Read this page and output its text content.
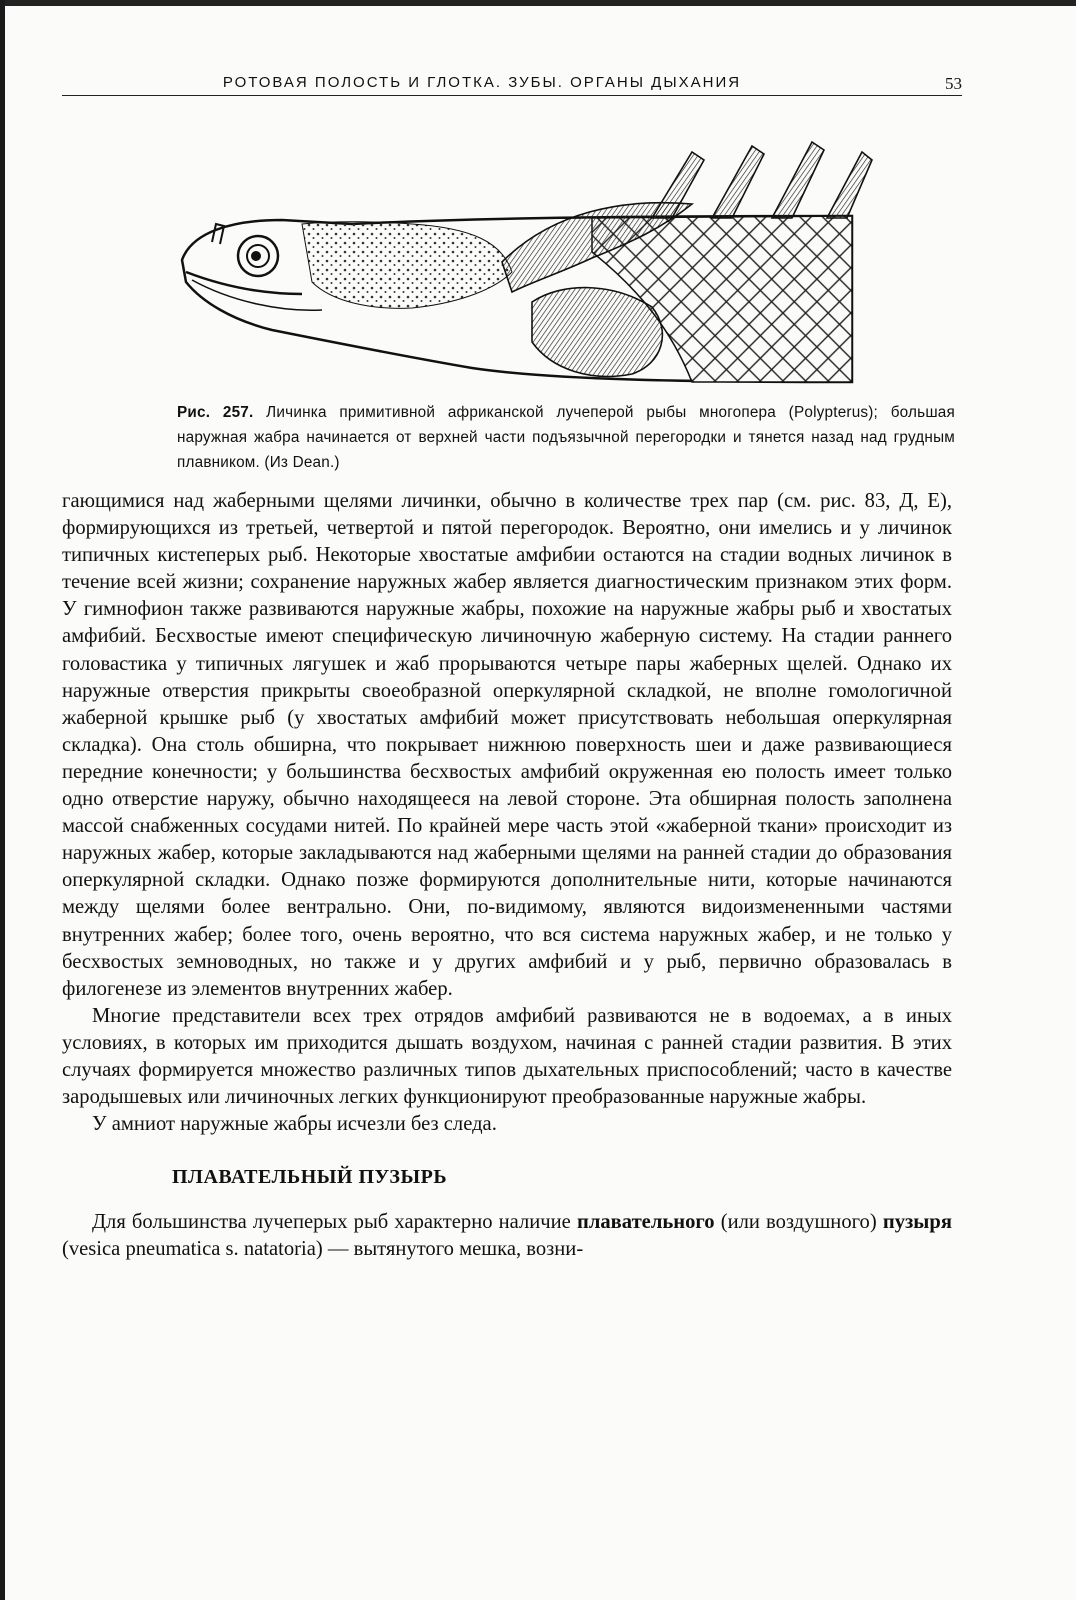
РОТОВАЯ ПОЛОСТЬ И ГЛОТКА. ЗУБЫ. ОРГАНЫ ДЫХАНИЯ	53
Рис. 257. Личинка примитивной африканской лучеперой рыбы многопера (Polypterus); большая наружная жабра начинается от верхней части подъязычной перегородки и тянется назад над грудным плавником. (Из Dean.)

гающимися над жаберными щелями личинки, обычно в количестве трех пар (см. рис. 83, Д, Е), формирующихся из третьей, четвертой и пятой перегородок. Вероятно, они имелись и у личинок типичных кистеперых рыб. Некоторые хвостатые амфибии остаются на стадии водных личинок в течение всей жизни; сохранение наружных жабер является диагностическим признаком этих форм. У гимнофион также развиваются наружные жабры, похожие на наружные жабры рыб и хвостатых амфибий. Бесхвостые имеют специфическую личиночную жаберную систему. На стадии раннего головастика у типичных лягушек и жаб прорываются четыре пары жаберных щелей. Однако их наружные отверстия прикрыты своеобразной оперкулярной складкой, не вполне гомологичной жаберной крышке рыб (у хвостатых амфибий может присутствовать небольшая оперкулярная складка). Она столь обширна, что покрывает нижнюю поверхность шеи и даже развивающиеся передние конечности; у большинства бесхвостых амфибий окруженная ею полость имеет только одно отверстие наружу, обычно находящееся на левой стороне. Эта обширная полость заполнена массой снабженных сосудами нитей. По крайней мере часть этой «жаберной ткани» происходит из наружных жабер, которые закладываются над жаберными щелями на ранней стадии до образования оперкулярной складки. Однако позже формируются дополнительные нити, которые начинаются между щелями более вентрально. Они, по-видимому, являются видоизмененными частями внутренних жабер; более того, очень вероятно, что вся система наружных жабер, и не только у бесхвостых земноводных, но также и у других амфибий и у рыб, первично образовалась в филогенезе из элементов внутренних жабер.

Многие представители всех трех отрядов амфибий развиваются не в водоемах, а в иных условиях, в которых им приходится дышать воздухом, начиная с ранней стадии развития. В этих случаях формируется множество различных типов дыхательных приспособлений; часто в качестве зародышевых или личиночных легких функционируют преобразованные наружные жабры.

У амниот наружные жабры исчезли без следа.

ПЛАВАТЕЛЬНЫЙ ПУЗЫРЬ

Для большинства лучеперых рыб характерно наличие плавательного (или воздушного) пузыря (vesica pneumatica s. natatoria) — вытянутого мешка, возни-
